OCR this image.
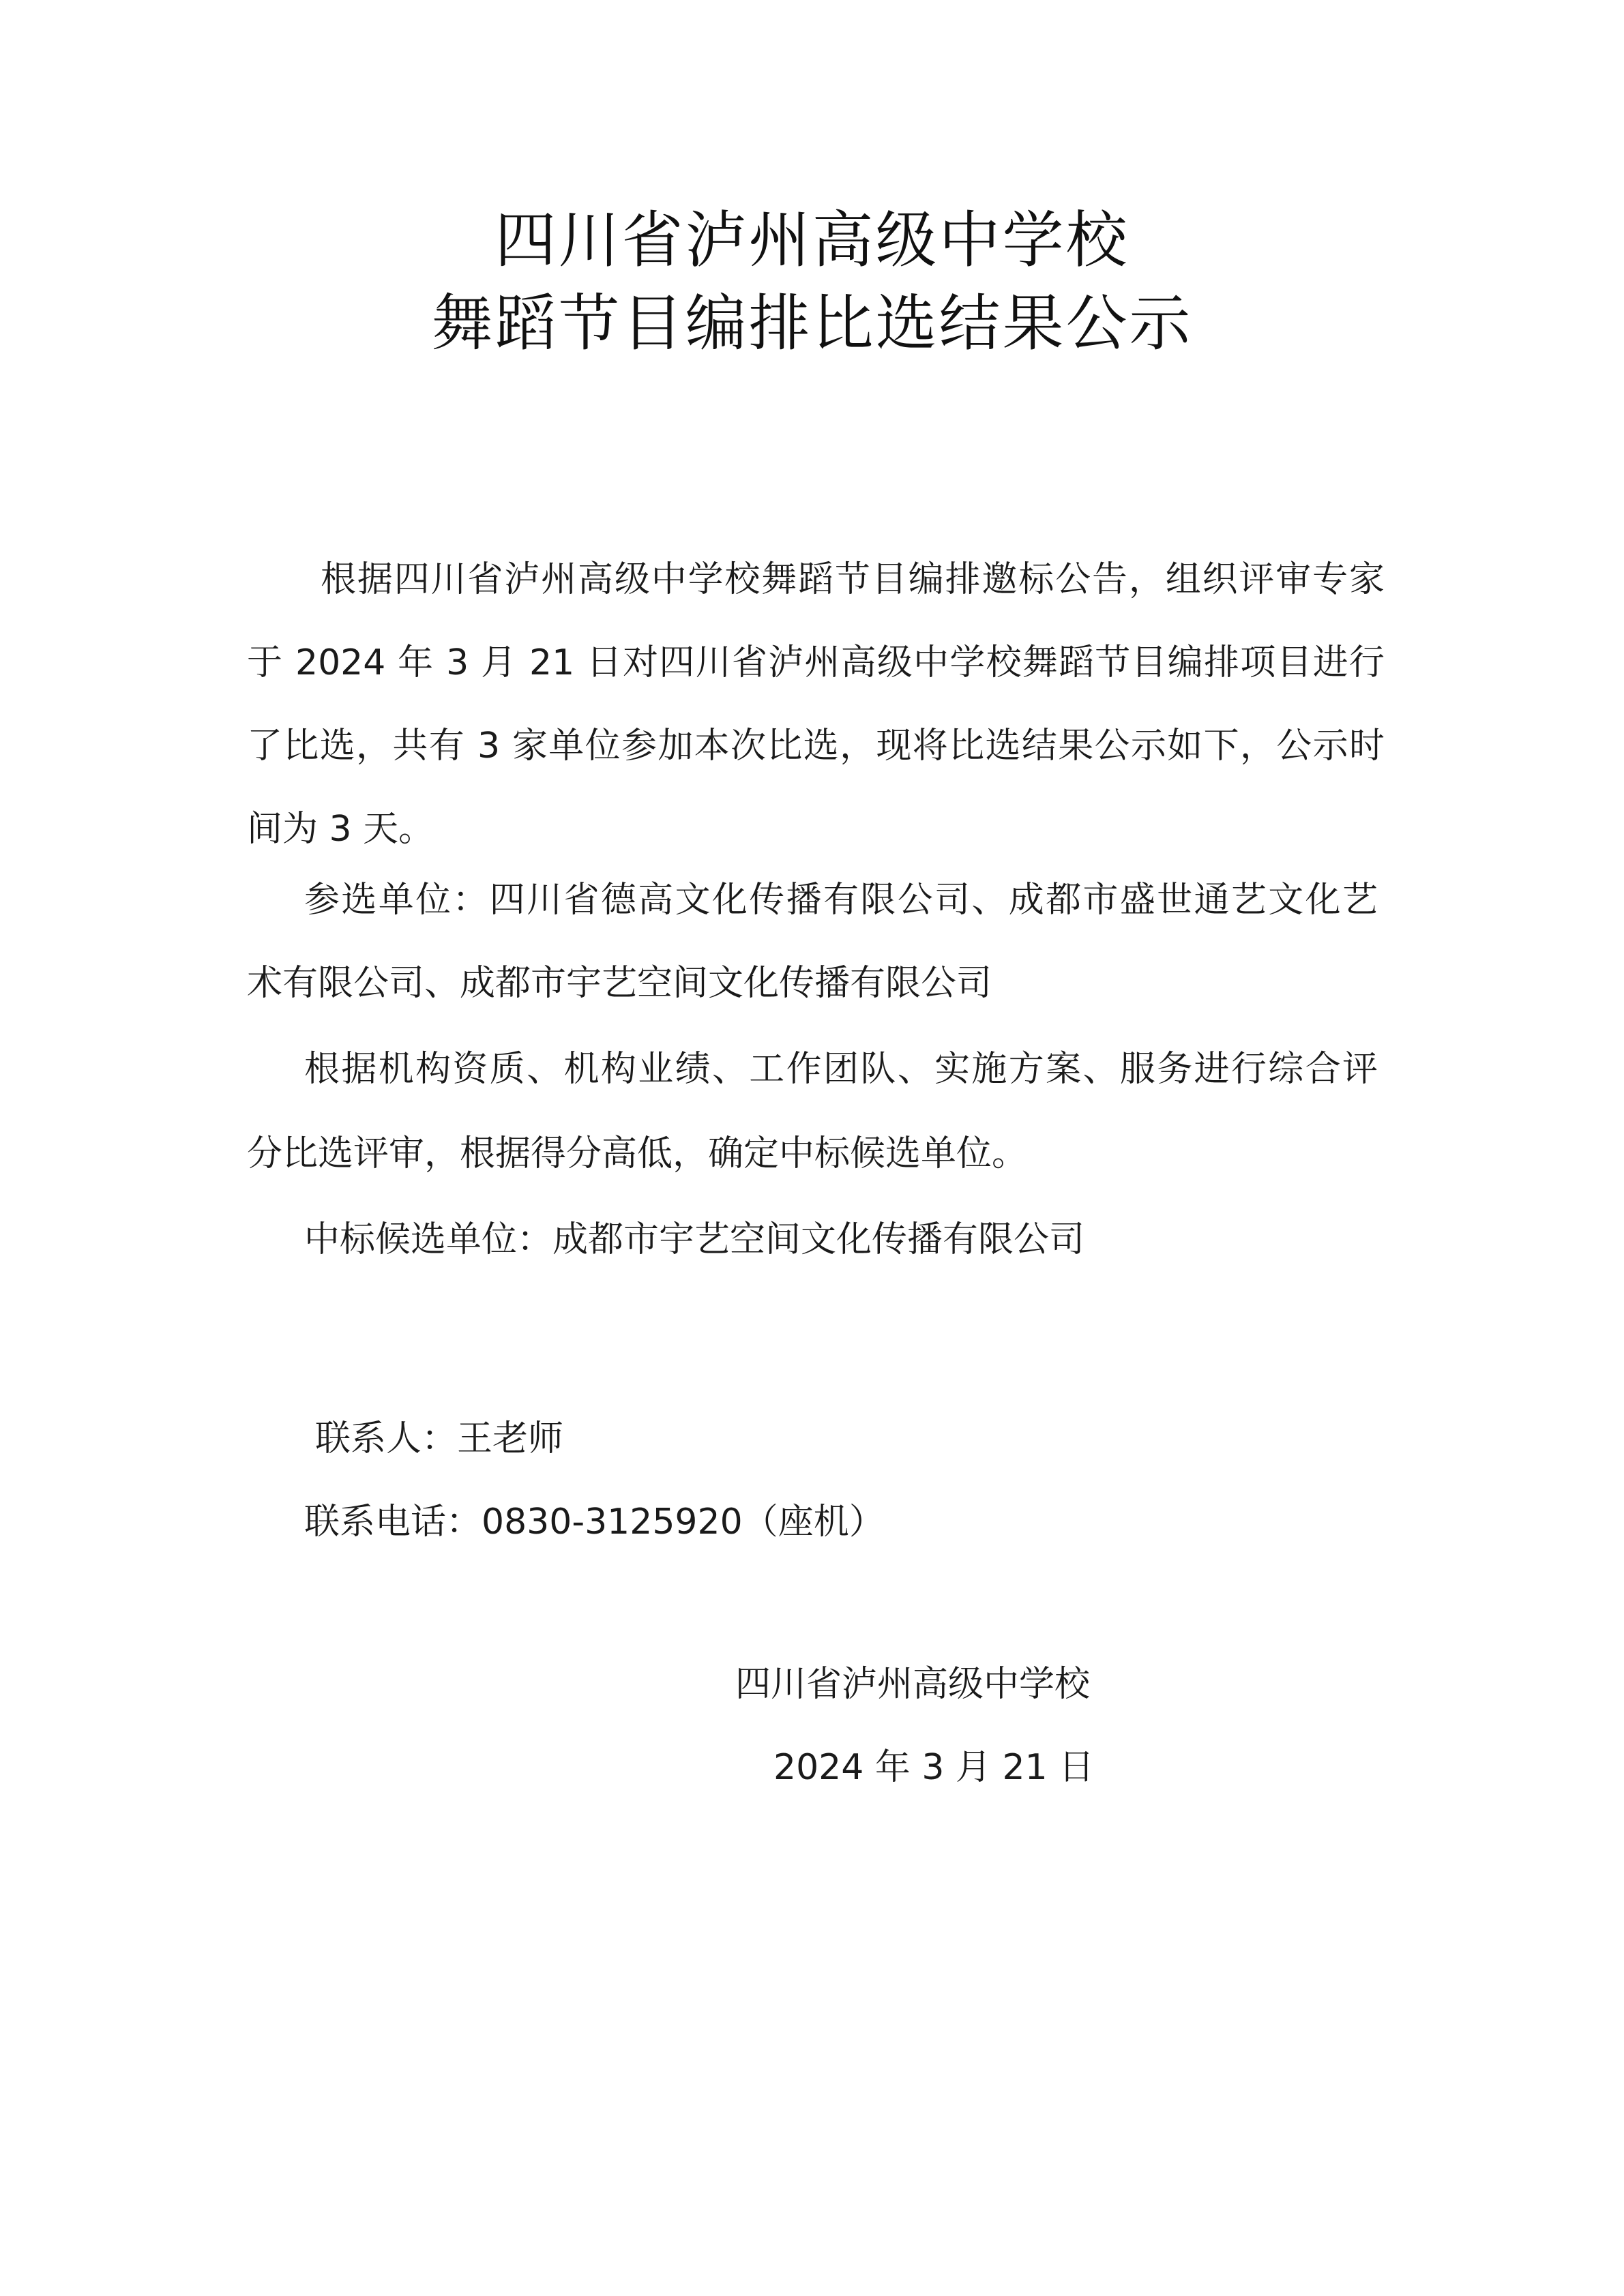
四川省泸州高级中学校
舞蹈节目编排比选结果公示
根据四川省泸州高级中学校舞蹈节目编排邀标公告，组织评审专家
于 2024 年 3 月 21 日对四川省泸州高级中学校舞蹈节目编排项目进行
了比选，共有 3 家单位参加本次比选，现将比选结果公示如下，公示时
间为 3 天。
参选单位：四川省德高文化传播有限公司、成都市盛世通艺文化艺
术有限公司、成都市宇艺空间文化传播有限公司
根据机构资质、机构业绩、工作团队、实施方案、服务进行综合评
分比选评审，根据得分高低，确定中标候选单位。
中标候选单位：成都市宇艺空间文化传播有限公司
联系人：王老师
联系电话：0830-3125920（座机）
四川省泸州高级中学校
2024 年 3 月 21 日
